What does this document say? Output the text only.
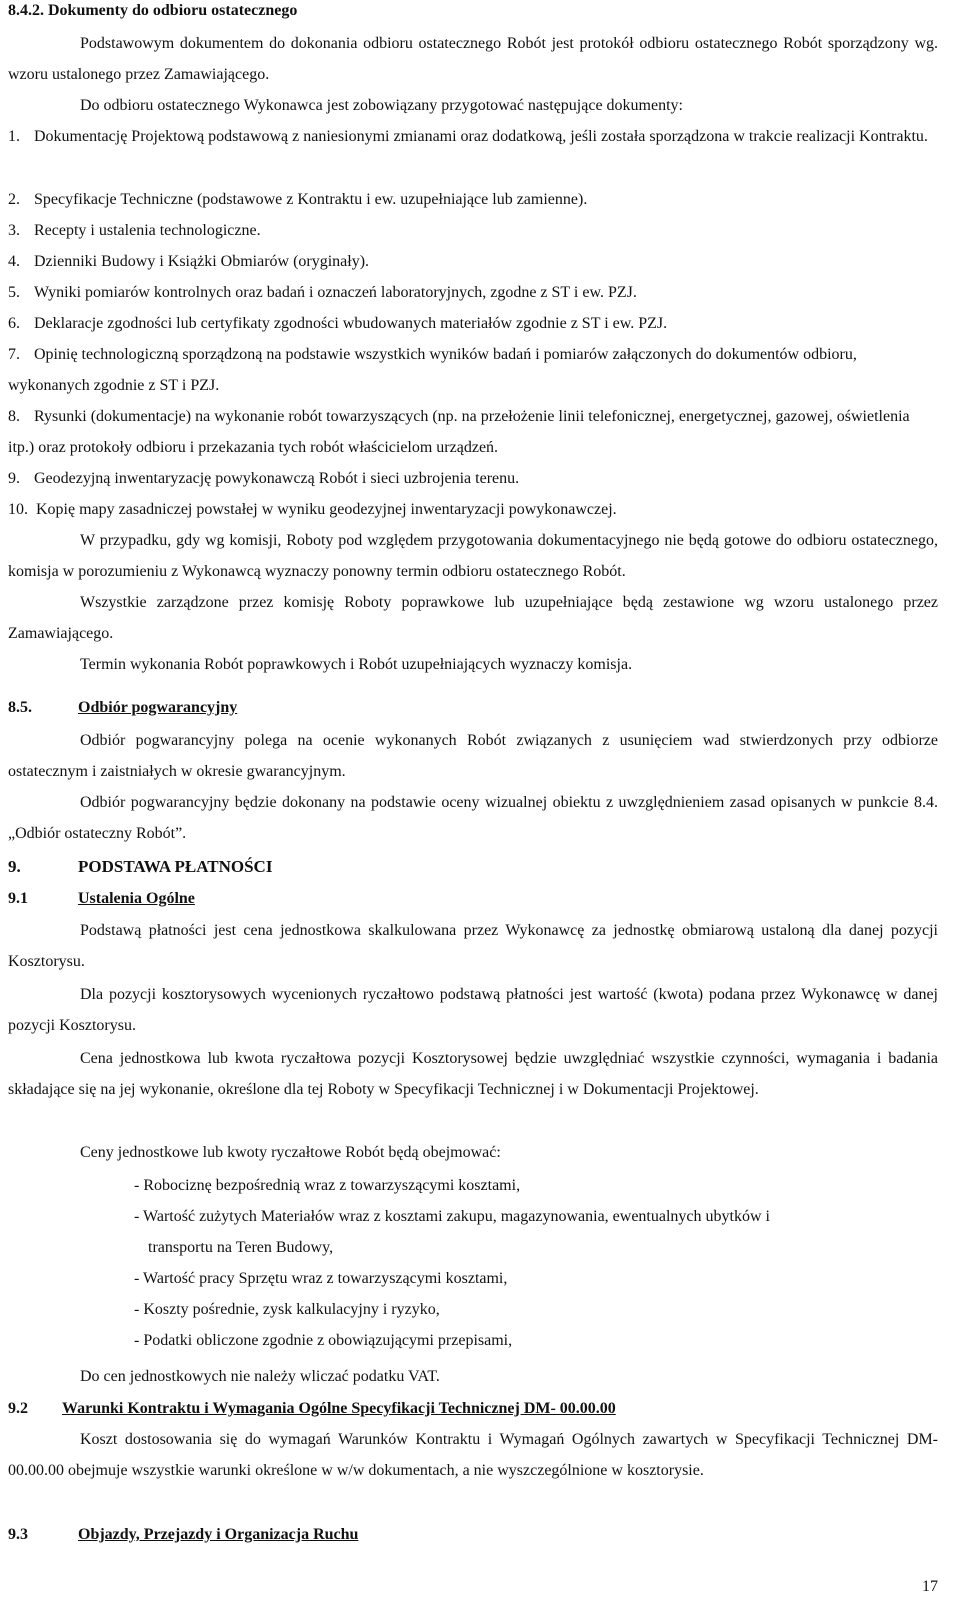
8.4.2. Dokumenty do odbioru ostatecznego

Podstawowym dokumentem do dokonania odbioru ostatecznego Robót jest protokół odbioru ostatecznego Robót sporządzony wg. wzoru ustalonego przez Zamawiającego.

Do odbioru ostatecznego Wykonawca jest zobowiązany przygotować następujące dokumenty:

1. Dokumentację Projektową podstawową z naniesionymi zmianami oraz dodatkową, jeśli została sporządzona w trakcie realizacji Kontraktu.
2. Specyfikacje Techniczne (podstawowe z Kontraktu i ew. uzupełniające lub zamienne).
3. Recepty i ustalenia technologiczne.
4. Dzienniki Budowy i Książki Obmiarów (oryginały).
5. Wyniki pomiarów kontrolnych oraz badań i oznaczeń laboratoryjnych, zgodne z ST i ew. PZJ.
6. Deklaracje zgodności lub certyfikaty zgodności wbudowanych materiałów zgodnie z ST i ew. PZJ.
7. Opinię technologiczną sporządzoną na podstawie wszystkich wyników badań i pomiarów załączonych do dokumentów odbioru, wykonanych zgodnie z ST i PZJ.
8. Rysunki (dokumentacje) na wykonanie robót towarzyszących (np. na przełożenie linii telefonicznej, energetycznej, gazowej, oświetlenia itp.) oraz protokoły odbioru i przekazania tych robót właścicielom urządzeń.
9. Geodezyjną inwentaryzację powykonawczą Robót i sieci uzbrojenia terenu.
10. Kopię mapy zasadniczej powstałej w wyniku geodezyjnej inwentaryzacji powykonawczej.

W przypadku, gdy wg komisji, Roboty pod względem przygotowania dokumentacyjnego nie będą gotowe do odbioru ostatecznego, komisja w porozumieniu z Wykonawcą wyznaczy ponowny termin odbioru ostatecznego Robót.

Wszystkie zarządzone przez komisję Roboty poprawkowe lub uzupełniające będą zestawione wg wzoru ustalonego przez Zamawiającego.

Termin wykonania Robót poprawkowych i Robót uzupełniających wyznaczy komisja.

8.5.	Odbiór pogwarancyjny

Odbiór pogwarancyjny polega na ocenie wykonanych Robót związanych z usunięciem wad stwierdzonych przy odbiorze ostatecznym i zaistniałych w okresie gwarancyjnym.

Odbiór pogwarancyjny będzie dokonany na podstawie oceny wizualnej obiektu z uwzględnieniem zasad opisanych w punkcie 8.4. „Odbiór ostateczny Robót”.

9.	PODSTAWA PŁATNOŚCI
9.1	Ustalenia Ogólne

Podstawą płatności jest cena jednostkowa skalkulowana przez Wykonawcę za jednostkę obmiarową ustaloną dla danej pozycji Kosztorysu.

Dla pozycji kosztorysowych wycenionych ryczałtowo podstawą płatności jest wartość (kwota) podana przez Wykonawcę w danej pozycji Kosztorysu.

Cena jednostkowa lub kwota ryczałtowa pozycji Kosztorysowej będzie uwzględniać wszystkie czynności, wymagania i badania składające się na jej wykonanie, określone dla tej Roboty w Specyfikacji Technicznej i w Dokumentacji Projektowej.

Ceny jednostkowe lub kwoty ryczałtowe Robót będą obejmować:

- Robociznę bezpośrednią wraz z towarzyszącymi kosztami,
- Wartość zużytych Materiałów wraz z kosztami zakupu, magazynowania, ewentualnych ubytków i
transportu na Teren Budowy,
- Wartość pracy Sprzętu wraz z towarzyszącymi kosztami,
- Koszty pośrednie, zysk kalkulacyjny i ryzyko,
- Podatki obliczone zgodnie z obowiązującymi przepisami,

Do cen jednostkowych nie należy wliczać podatku VAT.

9.2 Warunki Kontraktu i Wymagania Ogólne Specyfikacji Technicznej DM- 00.00.00

Koszt dostosowania się do wymagań Warunków Kontraktu i Wymagań Ogólnych zawartych w Specyfikacji Technicznej DM-00.00.00 obejmuje wszystkie warunki określone w w/w dokumentach, a nie wyszczególnione w kosztorysie.

9.3	Objazdy, Przejazdy i Organizacja Ruchu
17
